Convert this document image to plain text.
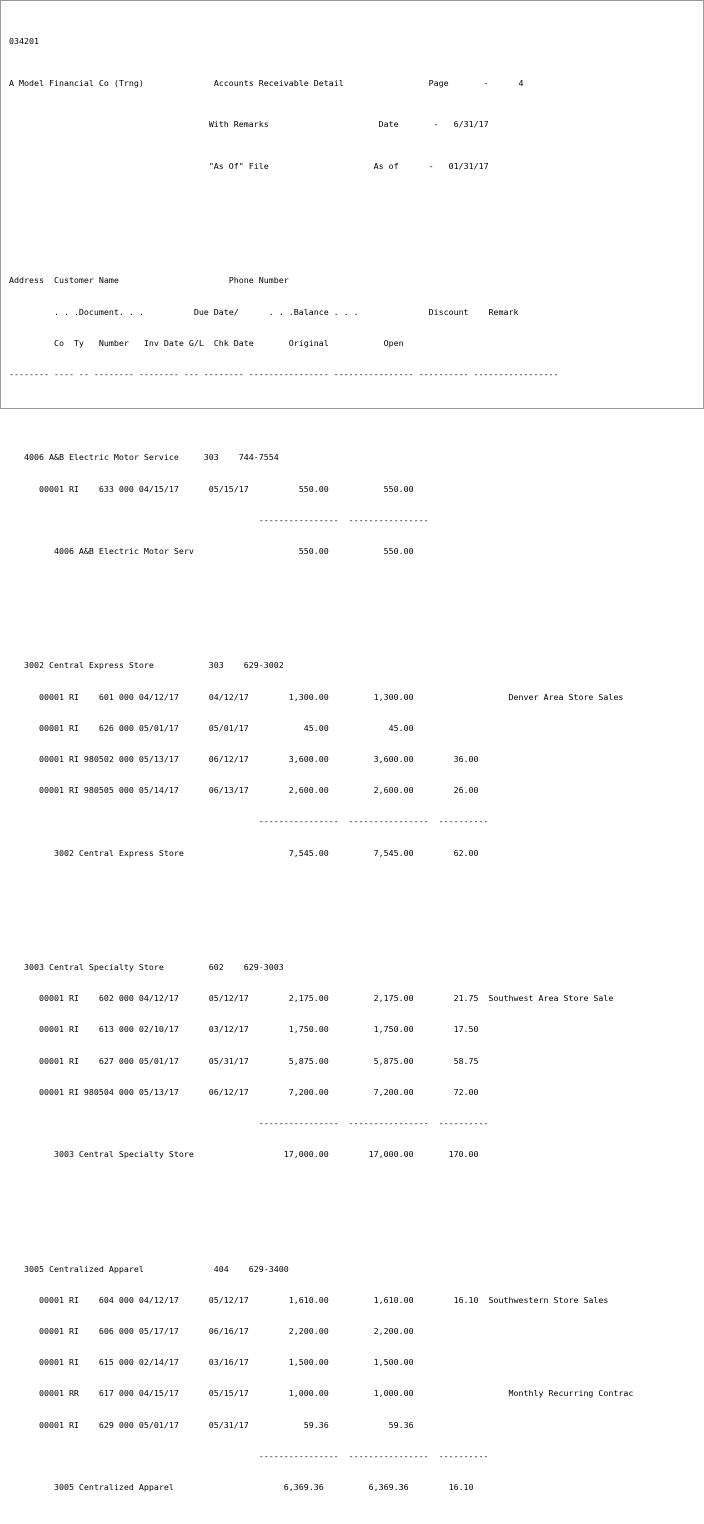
034201

A Model Financial Co (Trng)	Accounts Receivable Detail	Page	-	4

With Remarks	Date	- 6/31/17

"As Of" File	As of	- 01/31/17

Address  Customer Name                      Phone Number

. . .Document. . .          Due Date/      . . .Balance . . .              Discount    Remark

Co  Ty   Number   Inv Date G/L  Chk Date       Original           Open

-------- ---- -- -------- -------- --- -------- ---------------- ---------------- ---------- -----------------

4006 A&B Electric Motor Service     303    744-7554

00001 RI    633 000 04/15/17      05/15/17          550.00           550.00

----------------  ----------------

4006 A&B Electric Motor Serv                     550.00           550.00

3002 Central Express Store           303    629-3002

00001 RI    601 000 04/12/17      04/12/17        1,300.00         1,300.00                   Denver Area Store Sales

00001 RI    626 000 05/01/17      05/01/17           45.00            45.00

00001 RI 980502 000 05/13/17      06/12/17        3,600.00         3,600.00        36.00

00001 RI 980505 000 05/14/17      06/13/17        2,600.00         2,600.00        26.00

----------------  ----------------  ----------

3002 Central Express Store                     7,545.00         7,545.00        62.00

3003 Central Specialty Store         602    629-3003

00001 RI    602 000 04/12/17      05/12/17        2,175.00         2,175.00        21.75  Southwest Area Store Sale

00001 RI    613 000 02/10/17      03/12/17        1,750.00         1,750.00        17.50

00001 RI    627 000 05/01/17      05/31/17        5,875.00         5,875.00        58.75

00001 RI 980504 000 05/13/17      06/12/17        7,200.00         7,200.00        72.00

----------------  ----------------  ----------

3003 Central Specialty Store                  17,000.00        17,000.00       170.00

3005 Centralized Apparel              404    629-3400

00001 RI    604 000 04/12/17      05/12/17        1,610.00         1,610.00        16.10  Southwestern Store Sales

00001 RI    606 000 05/17/17      06/16/17        2,200.00         2,200.00

00001 RI    615 000 02/14/17      03/16/17        1,500.00         1,500.00

00001 RR    617 000 04/15/17      05/15/17        1,000.00         1,000.00                   Monthly Recurring Contrac

00001 RI    629 000 05/01/17      05/31/17           59.36            59.36

----------------  ----------------  ----------

3005 Centralized Apparel                      6,369.36         6,369.36        16.10
